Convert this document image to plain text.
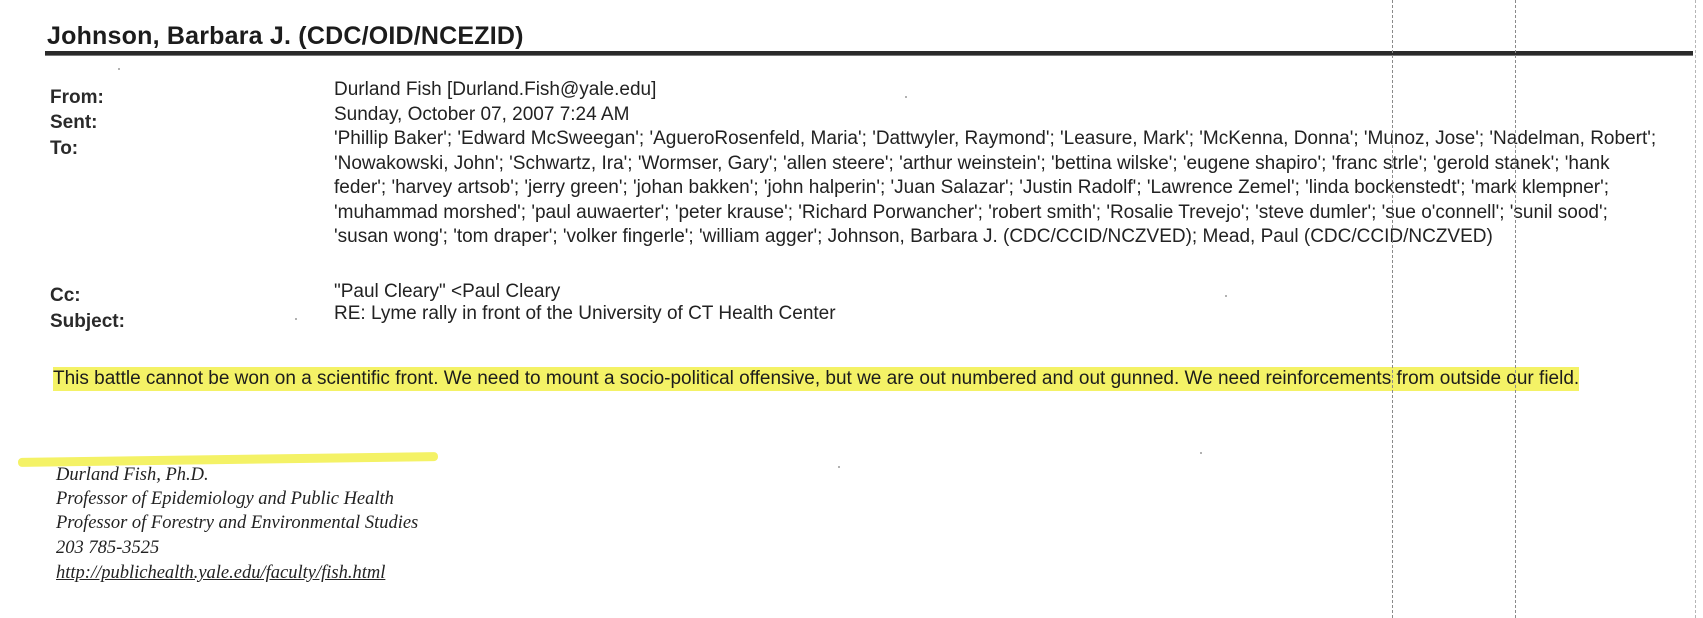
Johnson, Barbara J. (CDC/OID/NCEZID)
From:
Sent:
To:
Cc:
Subject:
Durland Fish [Durland.Fish@yale.edu]
Sunday, October 07, 2007 7:24 AM
'Phillip Baker'; 'Edward McSweegan'; 'AgueroRosenfeld, Maria'; 'Dattwyler, Raymond'; 'Leasure, Mark'; 'McKenna, Donna'; 'Munoz, Jose'; 'Nadelman, Robert'; 'Nowakowski, John'; 'Schwartz, Ira'; 'Wormser, Gary'; 'allen steere'; 'arthur weinstein'; 'bettina wilske'; 'eugene shapiro'; 'franc strle'; 'gerold stanek'; 'hank feder'; 'harvey artsob'; 'jerry green'; 'johan bakken'; 'john halperin'; 'Juan Salazar'; 'Justin Radolf'; 'Lawrence Zemel'; 'linda bockenstedt'; 'mark klempner'; 'muhammad morshed'; 'paul auwaerter'; 'peter krause'; 'Richard Porwancher'; 'robert smith'; 'Rosalie Trevejo'; 'steve dumler'; 'sue o'connell'; 'sunil sood'; 'susan wong'; 'tom draper'; 'volker fingerle'; 'william agger'; Johnson, Barbara J. (CDC/CCID/NCZVED); Mead, Paul (CDC/CCID/NCZVED)
"Paul Cleary" <Paul Cleary
RE: Lyme rally in front of the University of CT Health Center
This battle cannot be won on a scientific front. We need to mount a socio-political offensive, but we are out numbered and out gunned. We need reinforcements from outside our field.
Durland Fish, Ph.D.
Professor of Epidemiology and Public Health
Professor of Forestry and Environmental Studies
203 785-3525
http://publichealth.yale.edu/faculty/fish.html
